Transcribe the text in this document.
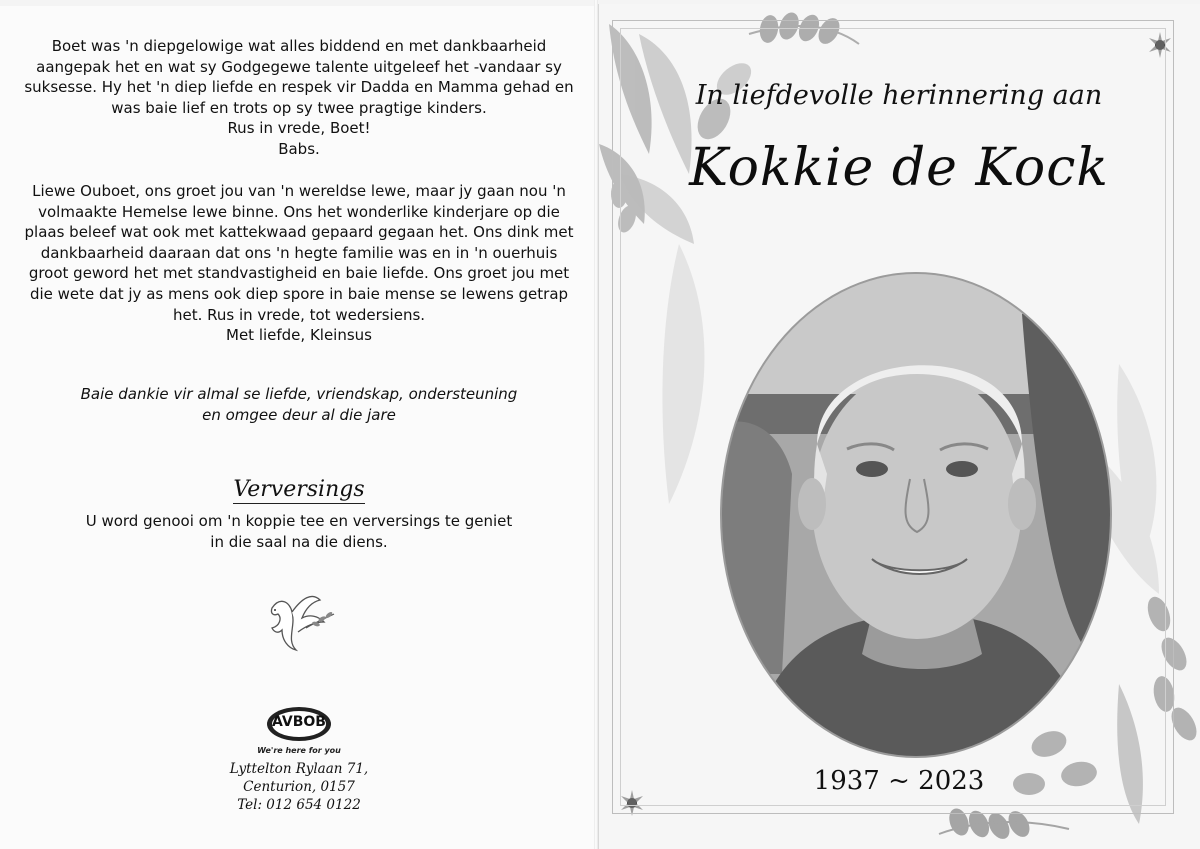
Boet was 'n diepgelowige wat alles biddend en met dankbaarheid
aangepak het en wat sy Godgegewe talente uitgeleef het -vandaar sy
suksesse. Hy het 'n diep liefde en respek vir Dadda en Mamma gehad en
was baie lief en trots op sy twee pragtige kinders.
Rus in vrede, Boet!
Babs.
Liewe Ouboet, ons groet jou van 'n wereldse lewe, maar jy gaan nou 'n
volmaakte Hemelse lewe binne. Ons het wonderlike kinderjare op die
plaas beleef wat ook met kattekwaad gepaard gegaan het. Ons dink met
dankbaarheid daaraan dat ons 'n hegte familie was en in 'n ouerhuis
groot geword het met standvastigheid en baie liefde. Ons groet jou met
die wete dat jy as mens ook diep spore in baie mense se lewens getrap
het. Rus in vrede, tot wedersiens.
Met liefde, Kleinsus
Baie dankie vir almal se liefde, vriendskap, ondersteuning
en omgee deur al die jare
Verversings
U word genooi om 'n koppie tee en verversings te geniet
in die saal na die diens.
AVBOB
We're here for you
Lyttelton Rylaan 71,
Centurion, 0157
Tel: 012 654 0122
In liefdevolle herinnering aan
Kokkie de Kock
1937 ~ 2023
